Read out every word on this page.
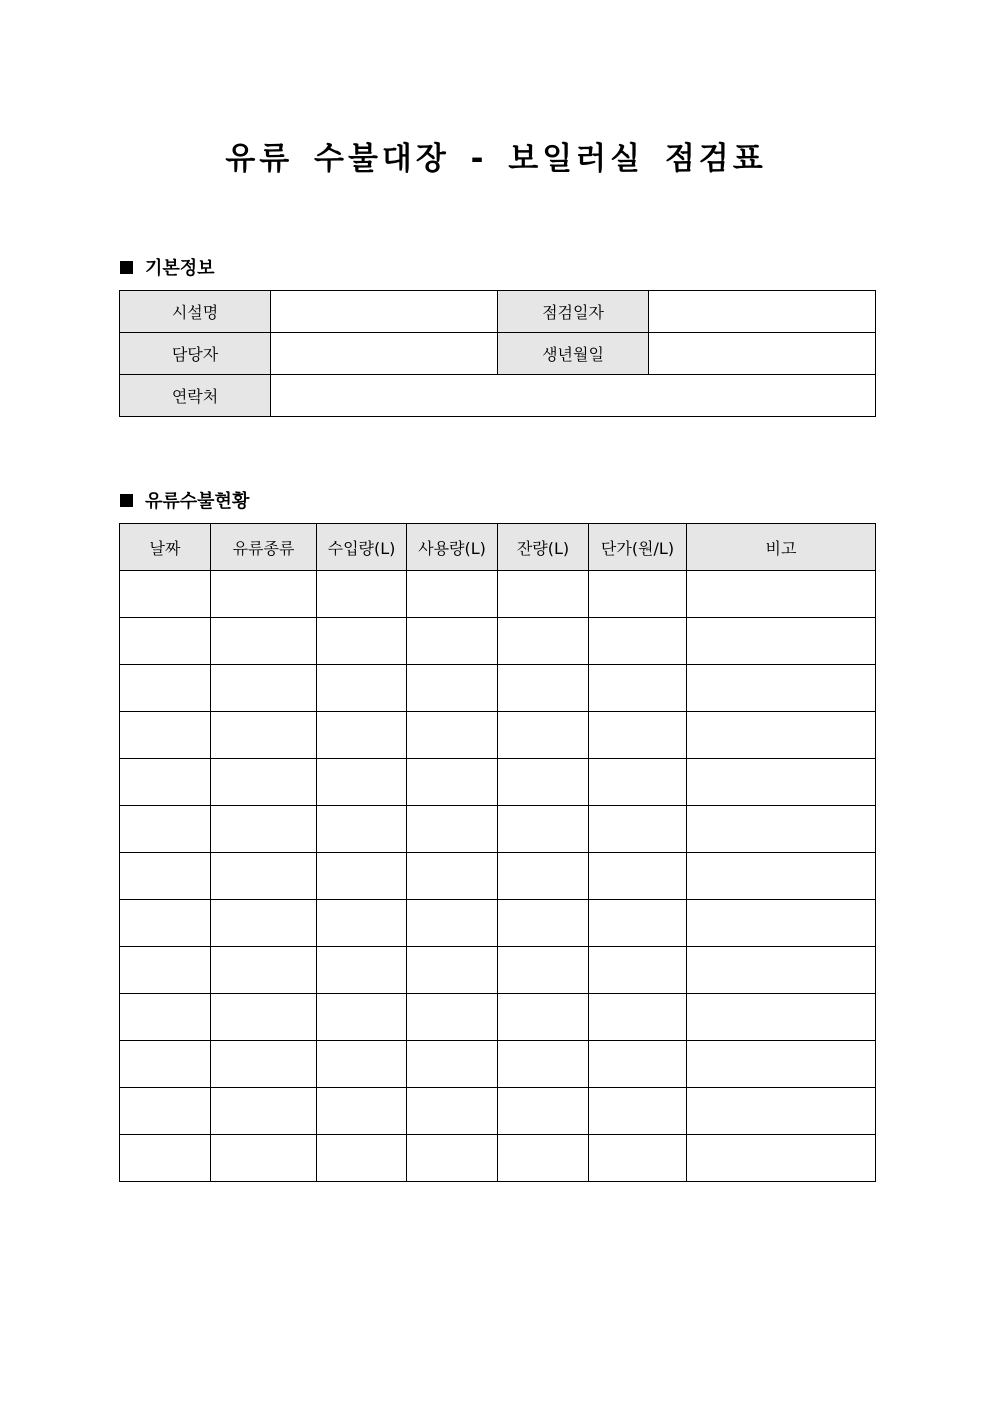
유류 수불대장 - 보일러실 점검표
기본정보
시설명		점검일자	
담당자		생년월일	
연락처			
유류수불현황
날짜	유류종류	수입량(L)	사용량(L)	잔량(L)	단가(원/L)	비고
